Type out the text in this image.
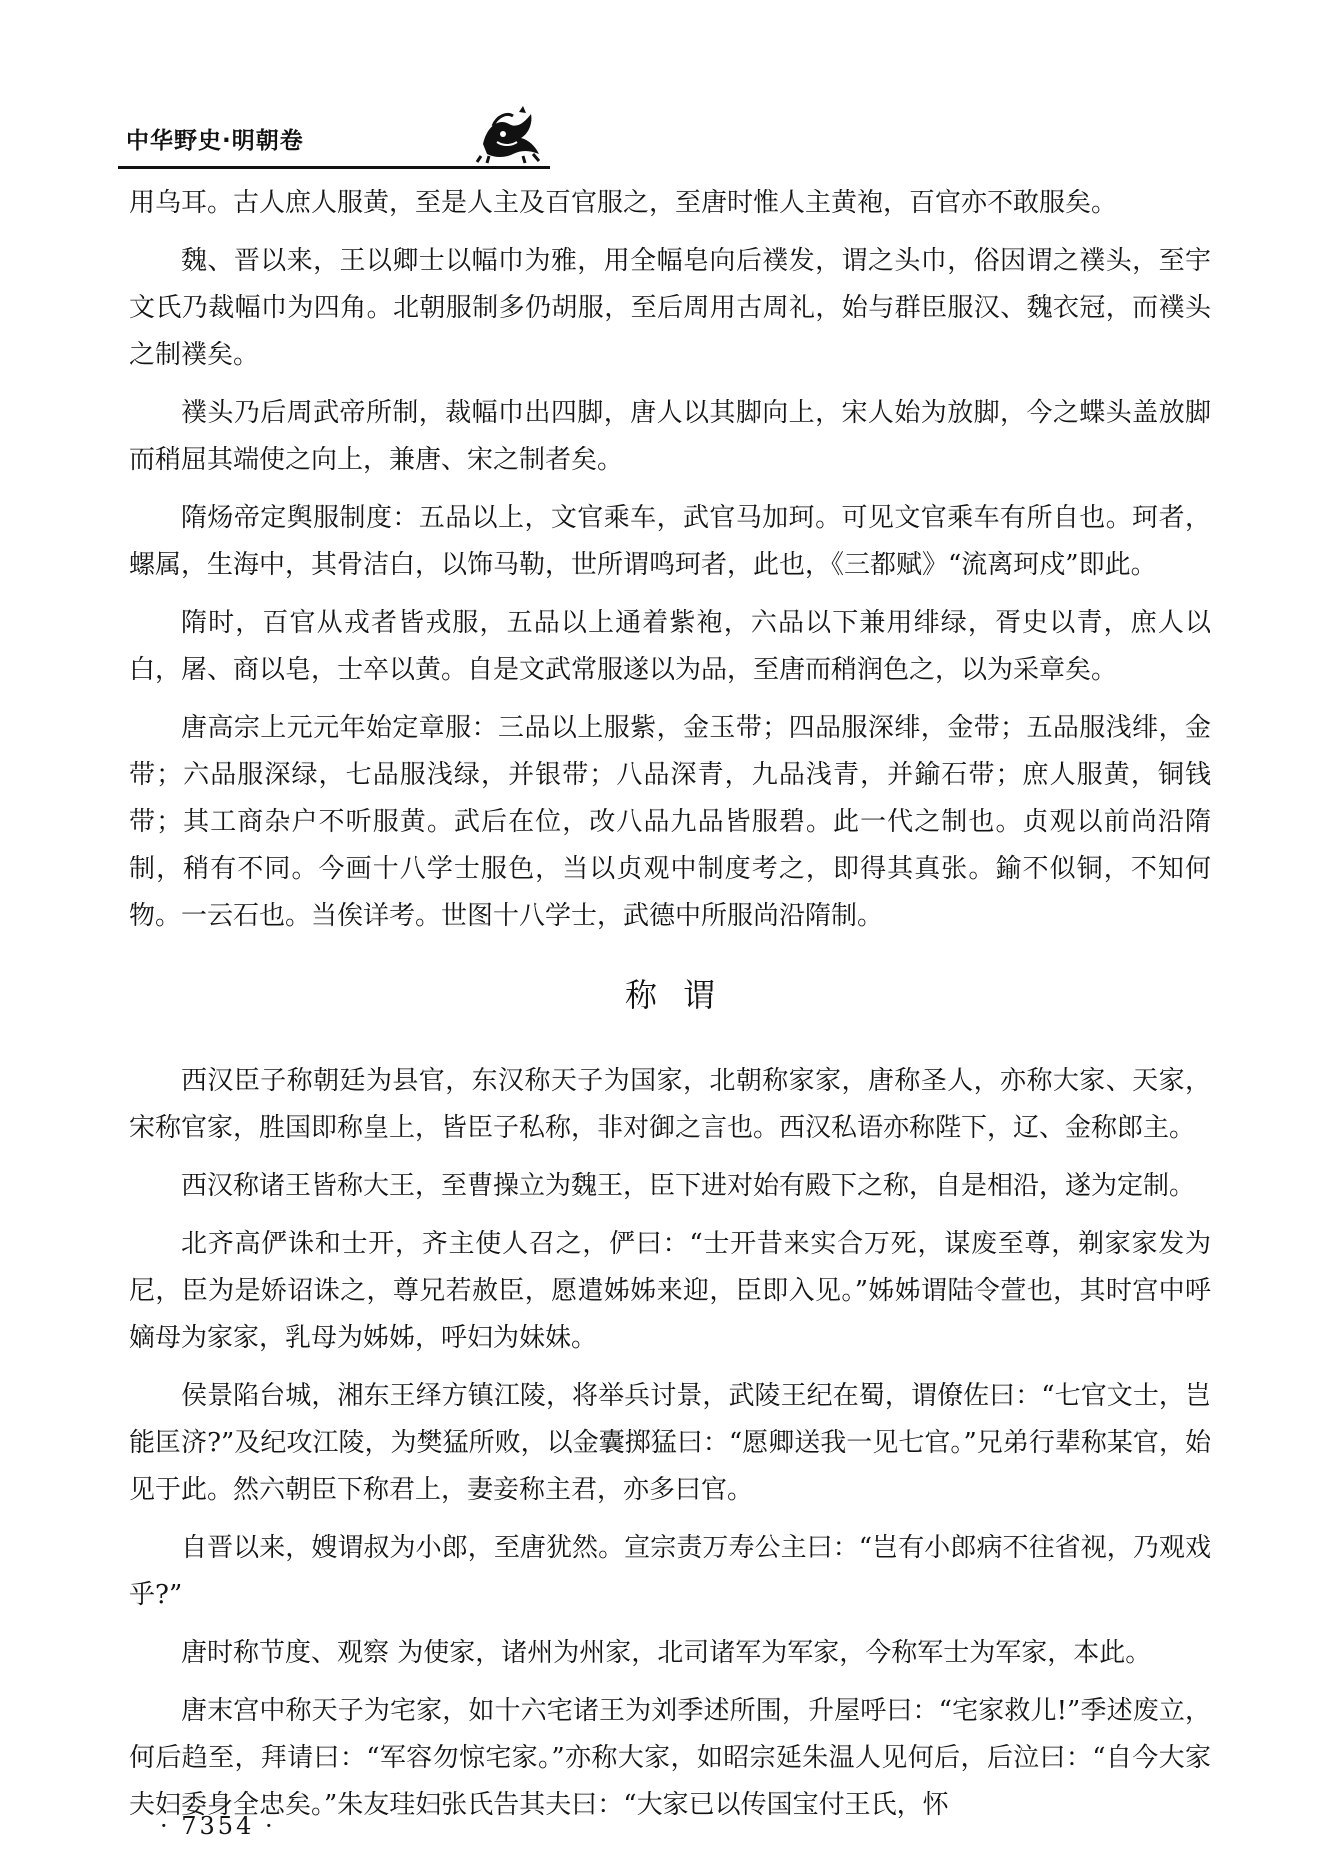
中华野史·明朝卷

用乌耳。古人庶人服黄，至是人主及百官服之，至唐时惟人主黄袍，百官亦不敢服矣。

魏、晋以来，王以卿士以幅巾为雅，用全幅皂向后襆发，谓之头巾，俗因谓之襆头，至宇文氏乃裁幅巾为四角。北朝服制多仍胡服，至后周用古周礼，始与群臣服汉、魏衣冠，而襆头之制襆矣。

襆头乃后周武帝所制，裁幅巾出四脚，唐人以其脚向上，宋人始为放脚，今之蝶头盖放脚而稍屈其端使之向上，兼唐、宋之制者矣。

隋炀帝定舆服制度：五品以上，文官乘车，武官马加珂。可见文官乘车有所自也。珂者，螺属，生海中，其骨洁白，以饰马勒，世所谓鸣珂者，此也，《三都赋》“流离珂戍”即此。

隋时，百官从戎者皆戎服，五品以上通着紫袍，六品以下兼用绯绿，胥史以青，庶人以白，屠、商以皂，士卒以黄。自是文武常服遂以为品，至唐而稍润色之，以为采章矣。

唐高宗上元元年始定章服：三品以上服紫，金玉带；四品服深绯，金带；五品服浅绯，金带；六品服深绿，七品服浅绿，并银带；八品深青，九品浅青，并鍮石带；庶人服黄，铜钱带；其工商杂户不听服黄。武后在位，改八品九品皆服碧。此一代之制也。贞观以前尚沿隋制，稍有不同。今画十八学士服色，当以贞观中制度考之，即得其真张。鍮不似铜，不知何物。一云石也。当俟详考。世图十八学士，武德中所服尚沿隋制。

称谓

西汉臣子称朝廷为县官，东汉称天子为国家，北朝称家家，唐称圣人，亦称大家、天家，宋称官家，胜国即称皇上，皆臣子私称，非对御之言也。西汉私语亦称陛下，辽、金称郎主。

西汉称诸王皆称大王，至曹操立为魏王，臣下进对始有殿下之称，自是相沿，遂为定制。

北齐高俨诛和士开，齐主使人召之，俨曰：“士开昔来实合万死，谋废至尊，剃家家发为尼，臣为是娇诏诛之，尊兄若赦臣，愿遣姊姊来迎，臣即入见。”姊姊谓陆令萱也，其时宫中呼嫡母为家家，乳母为姊姊，呼妇为妹妹。

侯景陷台城，湘东王绎方镇江陵，将举兵讨景，武陵王纪在蜀，谓僚佐曰：“七官文士，岂能匡济?”及纪攻江陵，为樊猛所败，以金囊掷猛曰：“愿卿送我一见七官。”兄弟行辈称某官，始见于此。然六朝臣下称君上，妻妾称主君，亦多曰官。

自晋以来，嫂谓叔为小郎，至唐犹然。宣宗责万寿公主曰：“岂有小郎病不往省视，乃观戏乎?”

唐时称节度、观察 为使家，诸州为州家，北司诸军为军家，今称军士为军家，本此。

唐末宫中称天子为宅家，如十六宅诸王为刘季述所围，升屋呼曰：“宅家救儿!”季述废立，何后趋至，拜请曰：“军容勿惊宅家。”亦称大家，如昭宗延朱温人见何后，后泣曰：“自今大家夫妇委身全忠矣。”朱友珪妇张氏告其夫曰：“大家已以传国宝付王氏，怀

· 7354 ·
